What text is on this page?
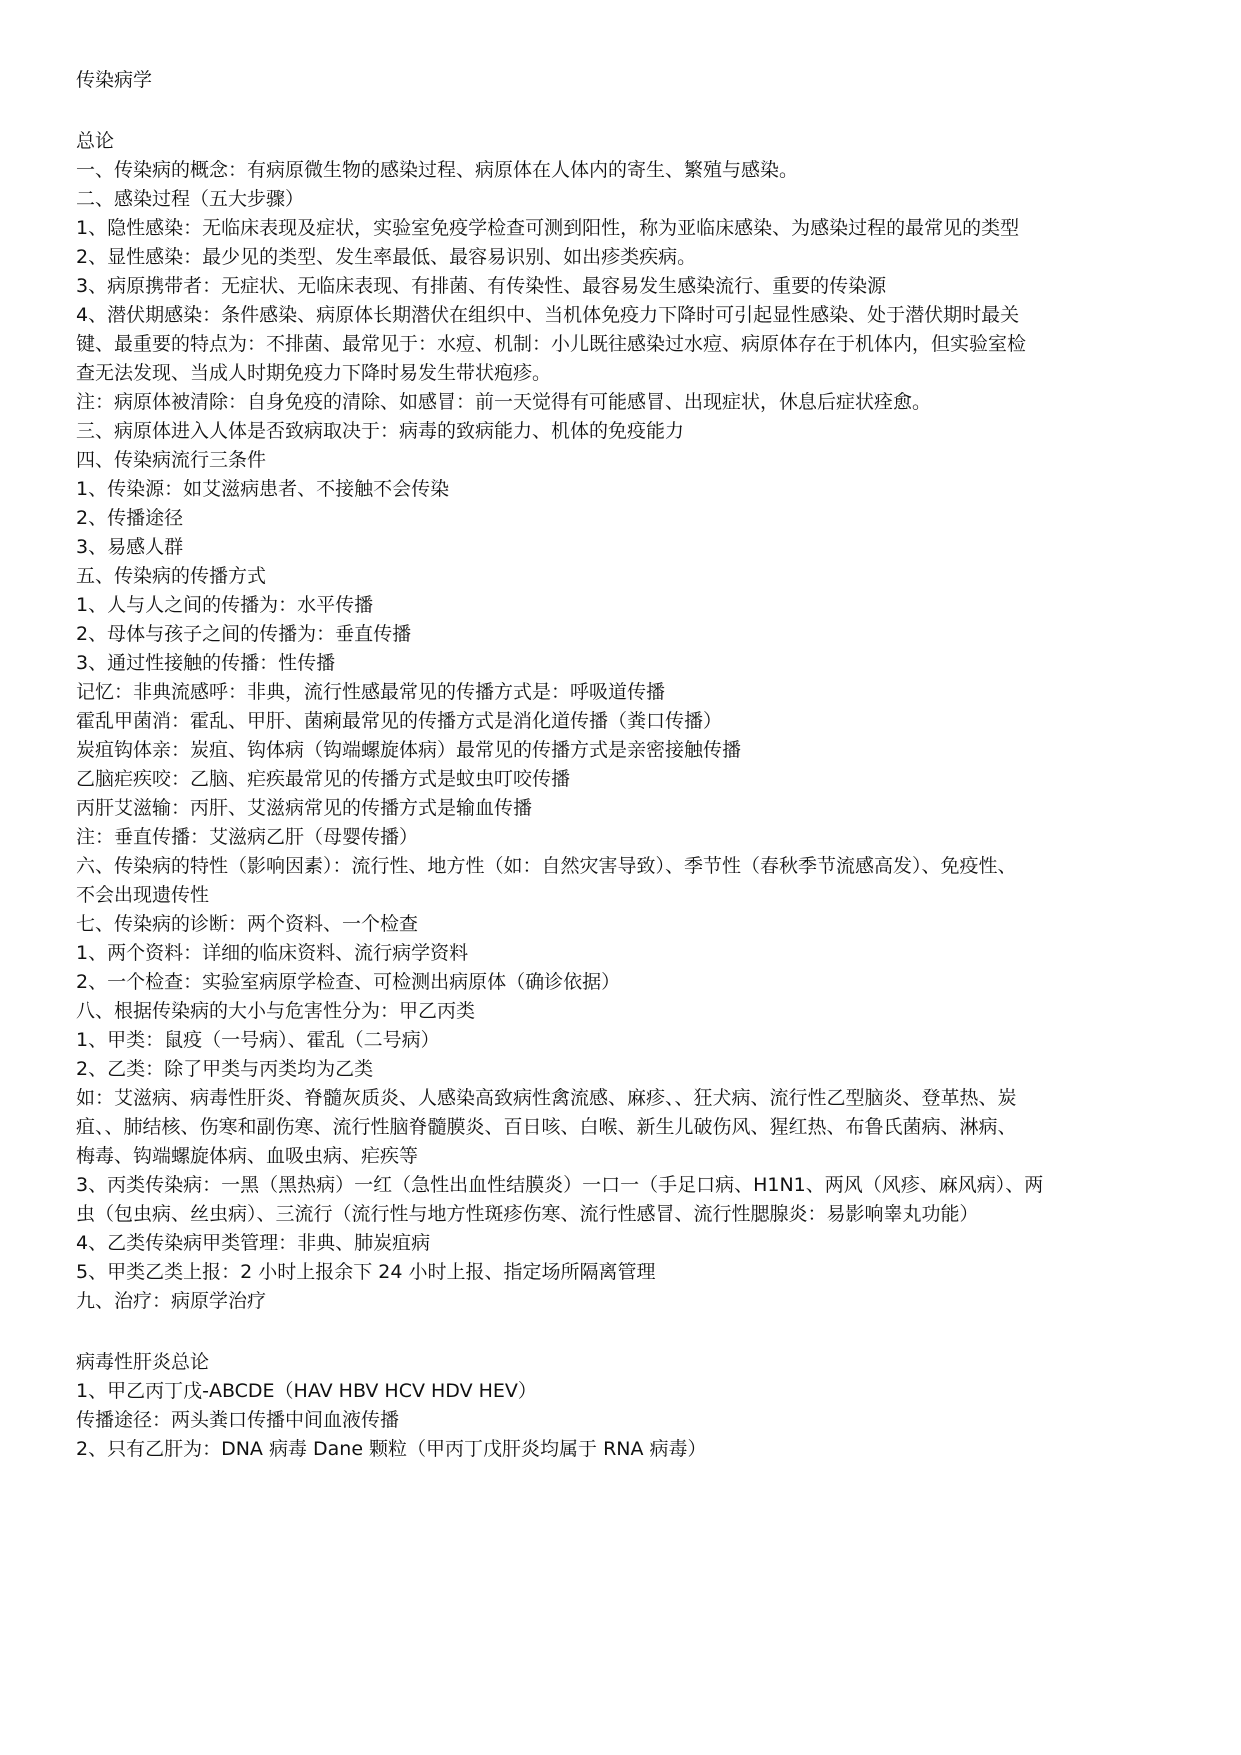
传染病学
总论
一、传染病的概念：有病原微生物的感染过程、病原体在人体内的寄生、繁殖与感染。
二、感染过程（五大步骤）
1、隐性感染：无临床表现及症状，实验室免疫学检查可测到阳性，称为亚临床感染、为感染过程的最常见的类型
2、显性感染：最少见的类型、发生率最低、最容易识别、如出疹类疾病。
3、病原携带者：无症状、无临床表现、有排菌、有传染性、最容易发生感染流行、重要的传染源
4、潜伏期感染：条件感染、病原体长期潜伏在组织中、当机体免疫力下降时可引起显性感染、处于潜伏期时最关
键、最重要的特点为：不排菌、最常见于：水痘、机制：小儿既往感染过水痘、病原体存在于机体内，但实验室检
查无法发现、当成人时期免疫力下降时易发生带状疱疹。
注：病原体被清除：自身免疫的清除、如感冒：前一天觉得有可能感冒、出现症状，休息后症状痊愈。
三、病原体进入人体是否致病取决于：病毒的致病能力、机体的免疫能力
四、传染病流行三条件
1、传染源：如艾滋病患者、不接触不会传染
2、传播途径
3、易感人群
五、传染病的传播方式
1、人与人之间的传播为：水平传播
2、母体与孩子之间的传播为：垂直传播
3、通过性接触的传播：性传播
记忆：非典流感呼：非典，流行性感最常见的传播方式是：呼吸道传播
霍乱甲菌消：霍乱、甲肝、菌痢最常见的传播方式是消化道传播（粪口传播）
炭疽钩体亲：炭疽、钩体病（钩端螺旋体病）最常见的传播方式是亲密接触传播
乙脑疟疾咬：乙脑、疟疾最常见的传播方式是蚊虫叮咬传播
丙肝艾滋输：丙肝、艾滋病常见的传播方式是输血传播
注：垂直传播：艾滋病乙肝（母婴传播）
六、传染病的特性（影响因素）：流行性、地方性（如：自然灾害导致）、季节性（春秋季节流感高发）、免疫性、
不会出现遗传性
七、传染病的诊断：两个资料、一个检查
1、两个资料：详细的临床资料、流行病学资料
2、一个检查：实验室病原学检查、可检测出病原体（确诊依据）
八、根据传染病的大小与危害性分为：甲乙丙类
1、甲类：鼠疫（一号病）、霍乱（二号病）
2、乙类：除了甲类与丙类均为乙类
如：艾滋病、病毒性肝炎、脊髓灰质炎、人感染高致病性禽流感、麻疹、、狂犬病、流行性乙型脑炎、登革热、炭
疽、、肺结核、伤寒和副伤寒、流行性脑脊髓膜炎、百日咳、白喉、新生儿破伤风、猩红热、布鲁氏菌病、淋病、
梅毒、钩端螺旋体病、血吸虫病、疟疾等
3、丙类传染病：一黑（黑热病）一红（急性出血性结膜炎）一口一（手足口病、H1N1、两风（风疹、麻风病）、两
虫（包虫病、丝虫病）、三流行（流行性与地方性斑疹伤寒、流行性感冒、流行性腮腺炎：易影响睾丸功能）
4、乙类传染病甲类管理：非典、肺炭疽病
5、甲类乙类上报：2 小时上报余下 24 小时上报、指定场所隔离管理
九、治疗：病原学治疗
病毒性肝炎总论
1、甲乙丙丁戊-ABCDE（HAV HBV HCV HDV HEV）
传播途径：两头粪口传播中间血液传播
2、只有乙肝为：DNA 病毒 Dane 颗粒（甲丙丁戊肝炎均属于 RNA 病毒）
